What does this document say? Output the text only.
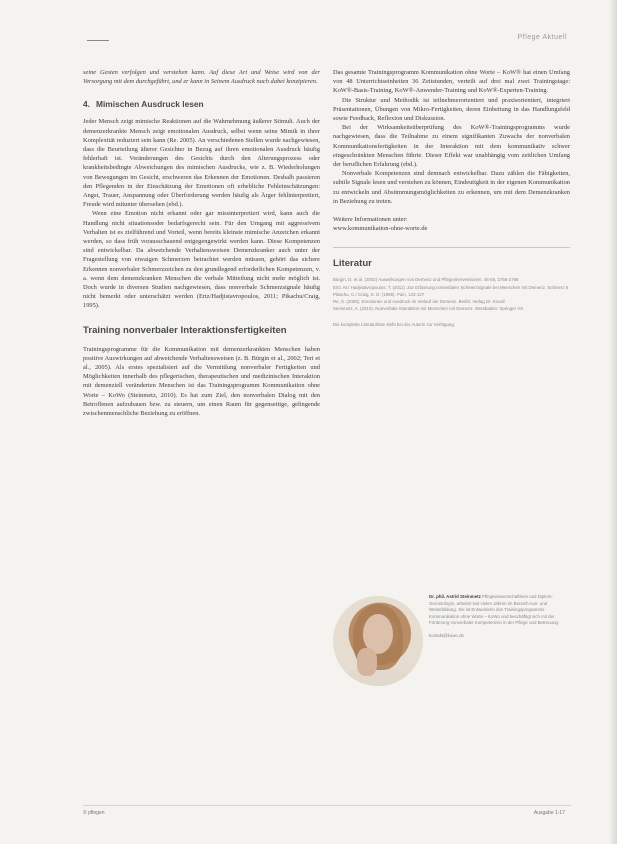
Pflege Aktuell

seine Gesten verfolgen und verstehen kann. Auf diese Art und Weise wird von der Versorgung mit dem durchgeführt, und er kann in Seinem Ausdruck nach dabei konzipieren.

4. Mimischen Ausdruck lesen

Jeder Mensch zeigt mimische Reaktionen auf die Wahrnehmung äußerer Stimuli. Auch der demenzerkrankte Mensch zeigt emotionalen Ausdruck, selbst wenn seine Mimik in ihrer Komplexität reduziert sein kann (Re. 2005). An verschiedenen Stellen wurde nachgewiesen, dass die Beurteilung älterer Gesichter in Bezug auf ihren emotionalen Ausdruck häufig fehlerhaft ist. Veränderungen des Gesichts durch den Alterungsprozess oder krankheitsbedingte Abweichungen des mimischen Ausdrucks, wie z. B. Wiederholungen von Bewegungen im Gesicht, erschweren das Erkennen der Emotionen. Deshalb passieren den Pflegenden in der Einschätzung der Emotionen oft erhebliche Fehleinschätzungen: Angst, Trauer, Anspannung oder Überforderung werden häufig als Ärger fehlinterpretiert, Freude wird mitunter übersehen (ebd.).

Wenn eine Emotion nicht erkannt oder gar missinterpretiert wird, kann auch die Handlung nicht situationsoder bedarfsgerecht sein. Für den Umgang mit aggressivem Verhalten ist es zielführend und Vorteil, wenn bereits kleinste mimische Anzeichen erkannt werden, so dass früh vorausschauend entgegengewirkt werden kann. Diese Kompetenzen sind entwickelbar. Da abweichende Verhaltensweisen Demenzkranker auch unter der Fragestellung von etwaigen Schmerzen betrachtet werden müssen, gehört das sichere Erkennen nonverbaler Schmerzzeichen zu den grundlegend erforderlichen Kompetenzen, v. a. wenn dem demenzkranken Menschen die verbale Mitteilung nicht mehr möglich ist. Doch wurde in diversen Studien nachgewiesen, dass nonverbale Schmerzsignale häufig nicht bemerkt oder unterschätzt werden (Ertz/Hadjistavropoulos, 2011; Pikachu/Craig, 1995).

Training nonverbaler Interaktionsfertigkeiten

Trainingsprogramme für die Kommunikation mit demenzerkrankten Menschen haben positive Auswirkungen auf abweichende Verhaltensweisen (z. B. Bürgin et al., 2002; Teri et al., 2005). Als erstes spezialisiert auf die Vermittlung nonverbaler Fertigkeiten und Möglichkeiten innerhalb des pflegerischen, therapeutischen und medizinischen Interaktion mit demenziell veränderten Menschen ist das Trainingsprogramm Kommunikation ohne Worte – KoWo (Steinmetz, 2010). Es hat zum Ziel, den nonverbalen Dialog mit den Betroffenen aufzubauen bzw. zu steuern, um einen Raum für gegenseitige, gelingende zwischenmenschliche Beziehung zu eröffnen.

Das gesamte Trainingsprogramm Kommunikation ohne Worte – KoW® hat einen Umfang von 48 Unterrichtseinheiten 36 Zeitstunden, verteilt auf drei mal zwei Trainingstage: KoW®-Basis-Training, KoW®-Anwender-Training und KoW®-Experten-Training.

Die Struktur und Methodik ist teilnehmerorientiert und praxisorientiert, integriert Präsentationen, Übungen von Mikro-Fertigkeiten, deren Einbettung in das Handlungsfeld sowie Feedback, Reflexion und Diskussion.

Bei der Wirksamkeitsüberprüfung des KoW®-Trainingsprogramms wurde nachgewiesen, dass die Teilnahme zu einem signifikanten Zuwachs der nonverbalen Kommunikationsfertigkeiten in der Interaktion mit dem kommunikativ schwer eingeschränkten Menschen führte. Dieser Effekt war unabhängig vom zeitlichen Umfang der beruflichen Erfahrung (ebd.).

Nonverbale Kompetenzen sind demnach entwickelbar. Dazu zählen die Fähigkeiten, subtile Signale lesen und verstehen zu können, Eindeutigkeit in der eigenen Kommunikation zu entwickeln und Abstimmungsmöglichkeiten zu erkennen, um mit dem Demenzkranken in Beziehung zu treten.

Weitere Informationen unter:

www.kommunikation-ohne-worte.de

Literatur
Bürgin, D. et al. (2002) Auswirkungen von Demenz und Pflegeinterventionen. 46-55, 2758-2768
Ertz, M./ Hadjistavropoulos, T. (2011). Zur Erfassung nonverbaler Schmerzsignale bei Menschen mit Demenz. Schmerz 5
Pikachu, C./ Craig, K. D. (1995). Pain, 123-127
Re, S. (2005). Emotionen und Ausdruck im Verlauf der Demenz. Berlin: Verlag Dr. Kovač
Steinmetz, A. (2010). Nonverbale Interaktion mit Menschen mit Demenz. Wiesbaden: Springer VS
Die komplette Literaturliste steht bei der Autorin zur Verfügung.
Dr. phil. Astrid Steinmetz Pflegewissenschaftlerin und Diplom-Gerontologin, arbeitet seit vielen Jahren im Bereich Aus- und Weiterbildung. Sie ist Entwicklerin des Trainingsprogramms Kommunikation ohne Worte – KoWo und beschäftigt sich mit der Förderung nonverbaler Kompetenzen in der Pflege und Betreuung.
kontakt@kowo.de
© pflegen	Ausgabe 1-17
